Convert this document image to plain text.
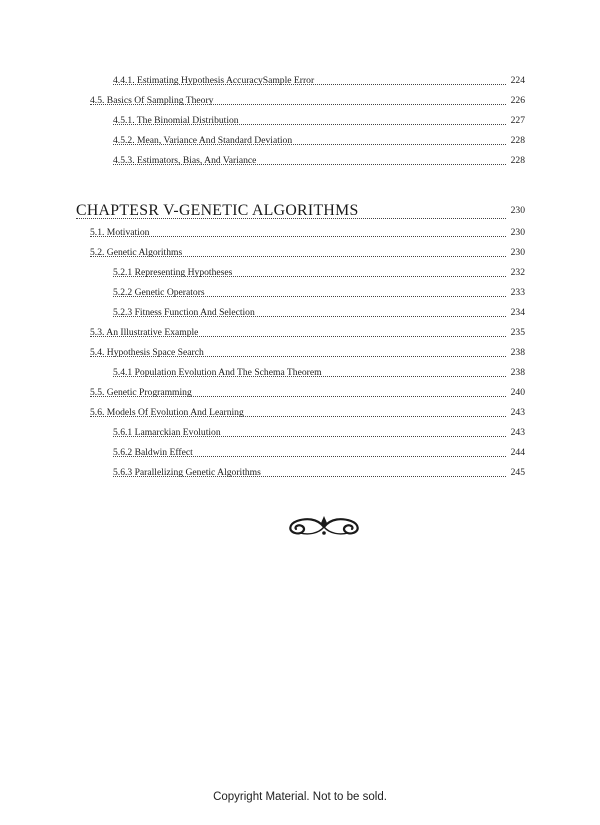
4.4.1. Estimating Hypothesis AccuracySample Error	224
4.5. Basics Of Sampling Theory	226
4.5.1. The Binomial Distribution	227
4.5.2. Mean, Variance And Standard Deviation	228
4.5.3. Estimators, Bias, And Variance	228
CHAPTESR V-GENETIC ALGORITHMS	230
5.1. Motivation	230
5.2. Genetic Algorithms	230
5.2.1 Representing Hypotheses	232
5.2.2 Genetic Operators	233
5.2.3 Fitness Function And Selection	234
5.3. An Illustrative Example	235
5.4. Hypothesis Space Search	238
5.4.1 Population Evolution And The Schema Theorem	238
5.5. Genetic Programming	240
5.6. Models Of Evolution And Learning	243
5.6.1 Lamarckian Evolution	243
5.6.2 Baldwin Effect	244
5.6.3 Parallelizing Genetic Algorithms	245
Copyright Material. Not to be sold.
